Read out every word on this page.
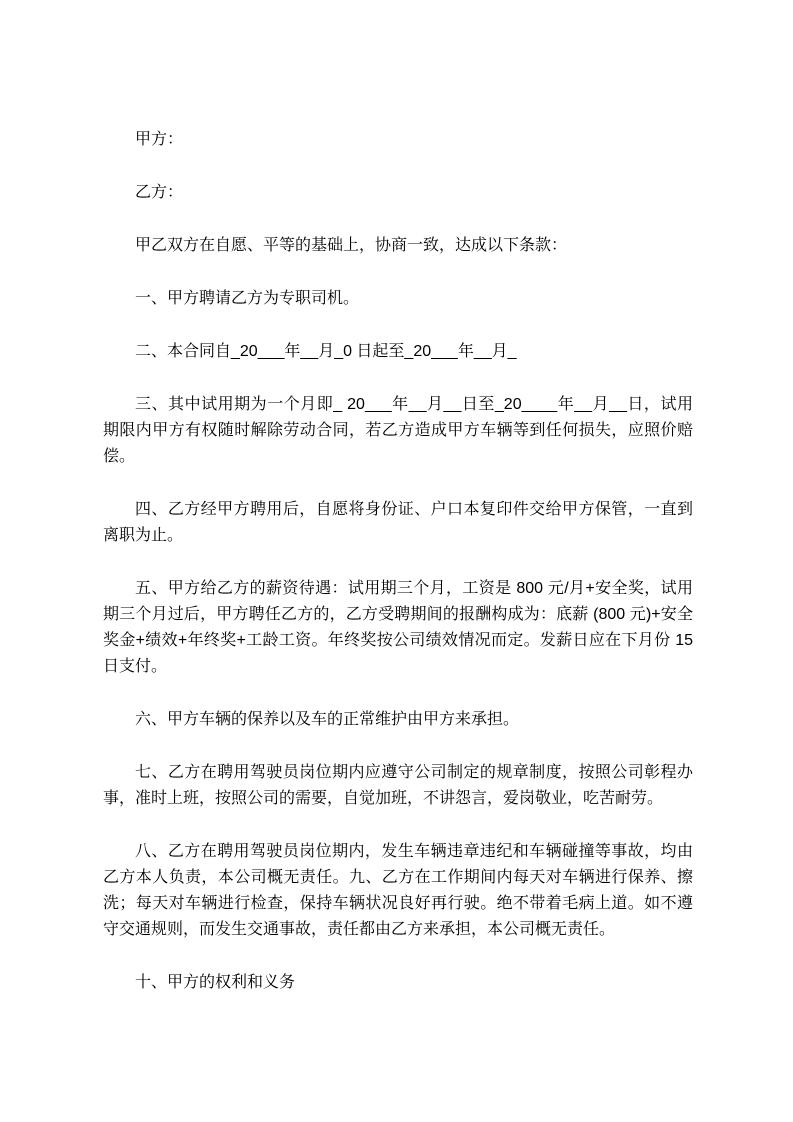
甲方：

乙方：

甲乙双方在自愿、平等的基础上，协商一致，达成以下条款：

一、甲方聘请乙方为专职司机。

二、本合同自_20___年__月_0 日起至_20___年__月_

三、其中试用期为一个月即_ 20___年__月__日至_20____年__月__日，试用期限内甲方有权随时解除劳动合同，若乙方造成甲方车辆等到任何损失，应照价赔偿。

四、乙方经甲方聘用后，自愿将身份证、户口本复印件交给甲方保管，一直到离职为止。

五、甲方给乙方的薪资待遇：试用期三个月，工资是 800 元/月+安全奖，试用期三个月过后，甲方聘任乙方的，乙方受聘期间的报酬构成为：底薪 (800 元)+安全奖金+绩效+年终奖+工龄工资。年终奖按公司绩效情况而定。发薪日应在下月份 15 日支付。

六、甲方车辆的保养以及车的正常维护由甲方来承担。

七、乙方在聘用驾驶员岗位期内应遵守公司制定的规章制度，按照公司彰程办事，准时上班，按照公司的需要，自觉加班，不讲怨言，爱岗敬业，吃苦耐劳。

八、乙方在聘用驾驶员岗位期内，发生车辆违章违纪和车辆碰撞等事故，均由乙方本人负责，本公司概无责任。九、乙方在工作期间内每天对车辆进行保养、擦洗；每天对车辆进行检查，保持车辆状况良好再行驶。绝不带着毛病上道。如不遵守交通规则，而发生交通事故，责任都由乙方来承担，本公司概无责任。

十、甲方的权利和义务
